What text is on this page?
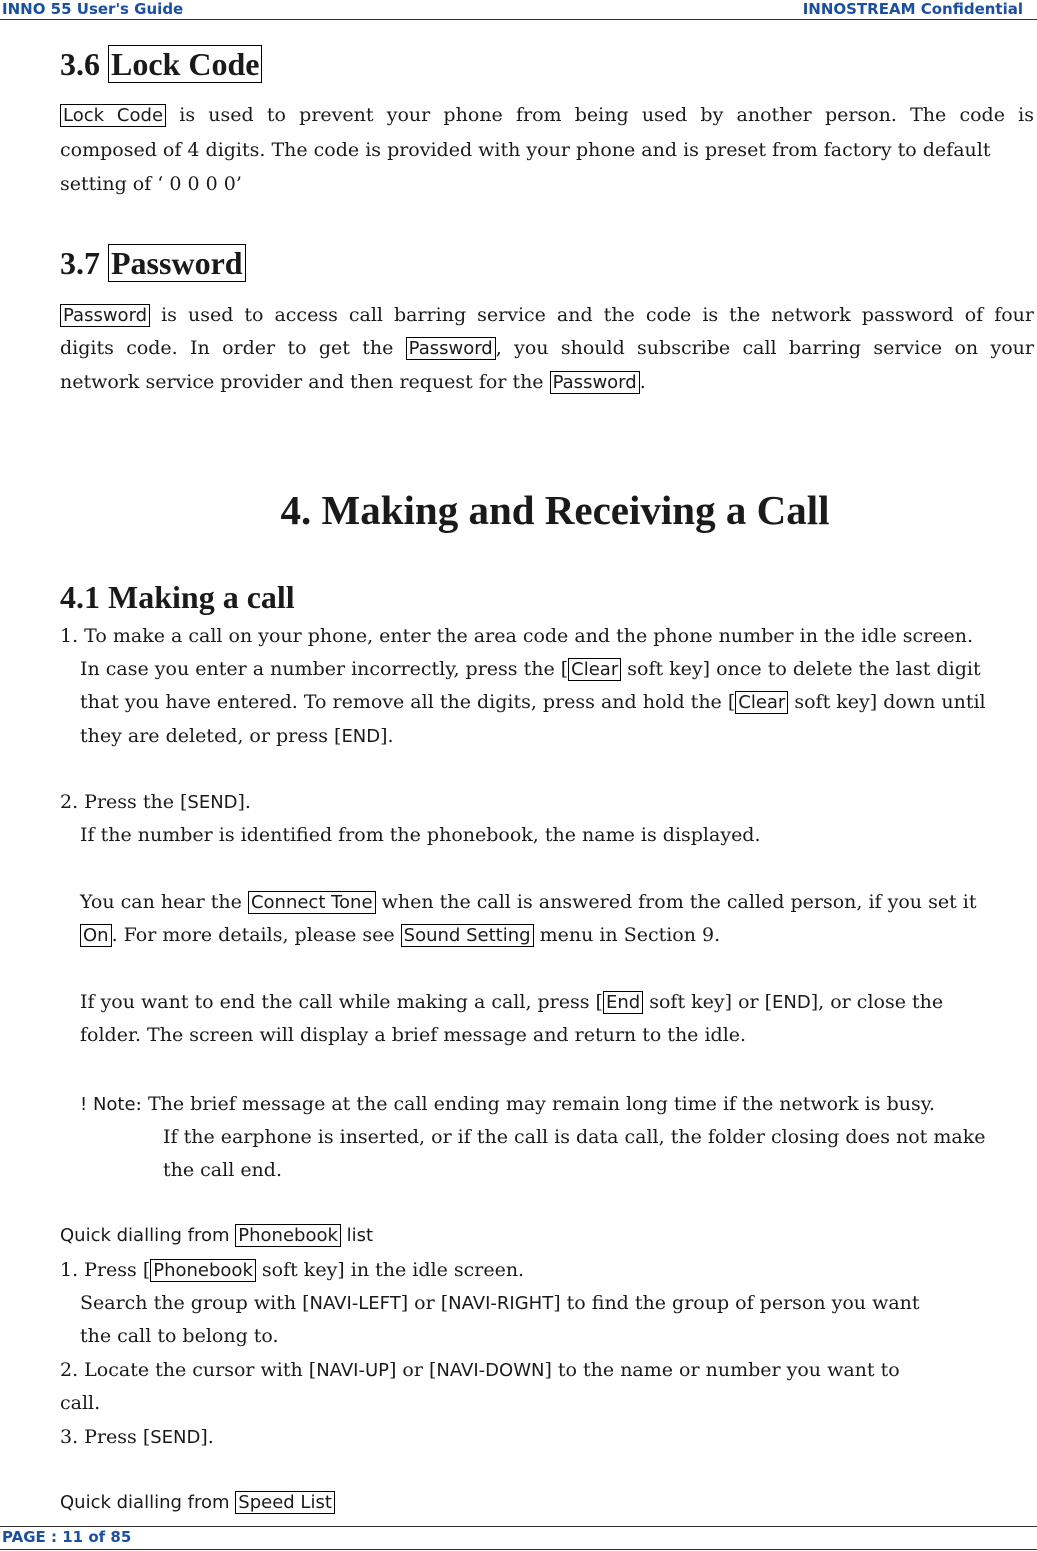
INNO 55 User's Guide	INNOSTREAM Confidential
3.6 Lock Code
Lock Code is used to prevent your phone from being used by another person. The code is
composed of 4 digits. The code is provided with your phone and is preset from factory to default
setting of ‘ 0 0 0 0’
3.7 Password
Password is used to access call barring service and the code is the network password of four
digits code. In order to get the Password , you should subscribe call barring service on your
network service provider and then request for the Password .
4. Making and Receiving a Call
4.1 Making a call
1. To make a call on your phone, enter the area code and the phone number in the idle screen.
In case you enter a number incorrectly, press the [ Clear soft key] once to delete the last digit
that you have entered. To remove all the digits, press and hold the [ Clear soft key] down until
they are deleted, or press [END].
2. Press the [SEND].
If the number is identified from the phonebook, the name is displayed.
You can hear the Connect Tone when the call is answered from the called person, if you set it
On . For more details, please see Sound Setting menu in Section 9.
If you want to end the call while making a call, press [ End soft key] or [END], or close the
folder. The screen will display a brief message and return to the idle.
! Note: The brief message at the call ending may remain long time if the network is busy.
If the earphone is inserted, or if the call is data call, the folder closing does not make
the call end.
Quick dialling from Phonebook list
1. Press [ Phonebook soft key] in the idle screen.
Search the group with [NAVI-LEFT] or [NAVI-RIGHT] to find the group of person you want
the call to belong to.
2. Locate the cursor with [NAVI-UP] or [NAVI-DOWN] to the name or number you want to
call.
3. Press [SEND].
Quick dialling from Speed List
PAGE : 11 of 85
